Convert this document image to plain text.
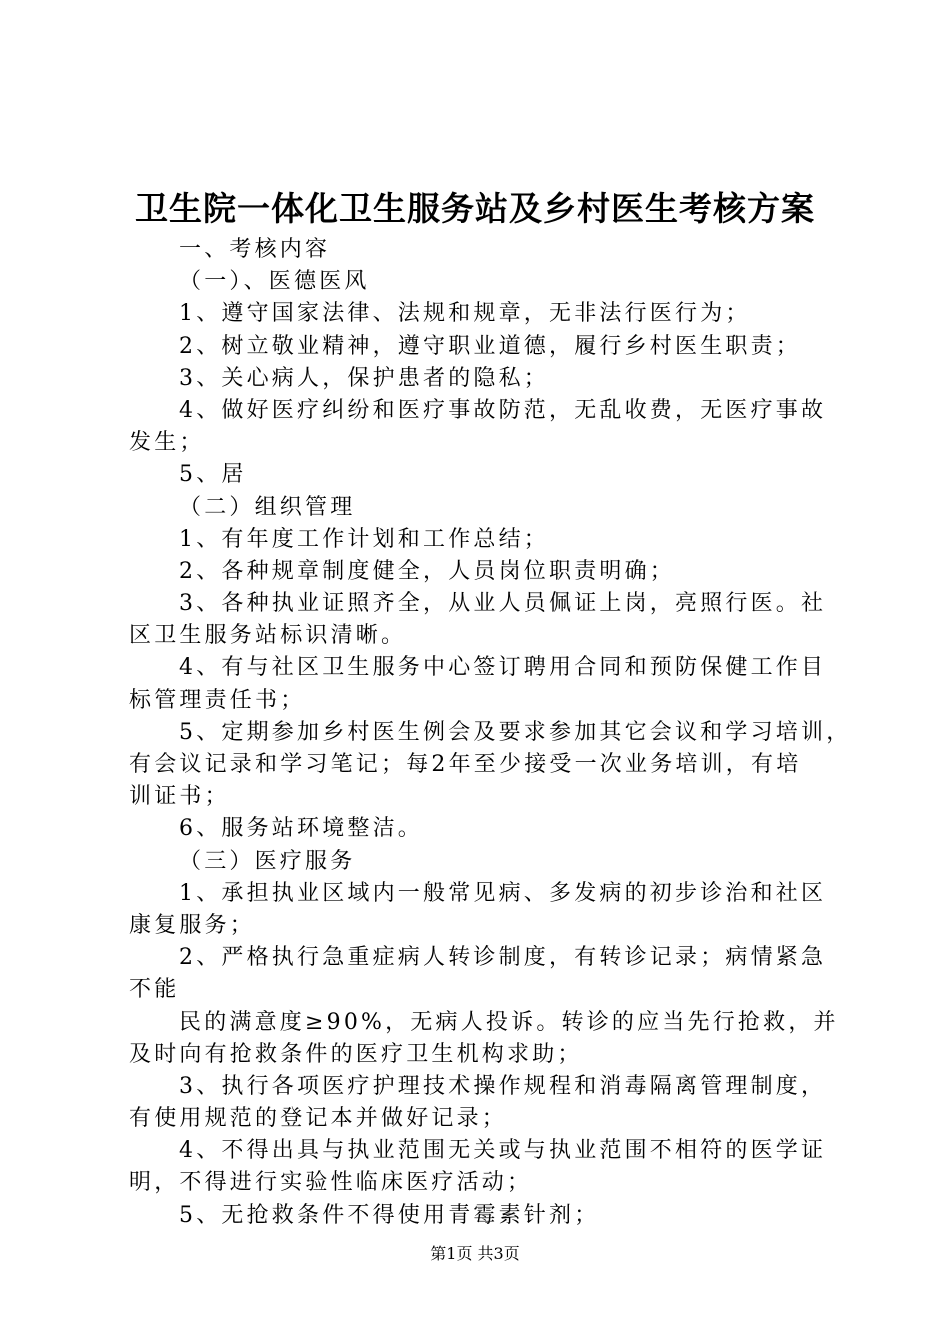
卫生院一体化卫生服务站及乡村医生考核方案
一、考核内容
（一）、医德医风
1、遵守国家法律、法规和规章，无非法行医行为；
2、树立敬业精神，遵守职业道德，履行乡村医生职责；
3、关心病人，保护患者的隐私；
4、做好医疗纠纷和医疗事故防范，无乱收费，无医疗事故
发生；
5、居
（二）组织管理
1、有年度工作计划和工作总结；
2、各种规章制度健全，人员岗位职责明确；
3、各种执业证照齐全，从业人员佩证上岗，亮照行医。社
区卫生服务站标识清晰。
4、有与社区卫生服务中心签订聘用合同和预防保健工作目
标管理责任书；
5、定期参加乡村医生例会及要求参加其它会议和学习培训，
有会议记录和学习笔记；每2年至少接受一次业务培训，有培
训证书；
6、服务站环境整洁。
（三）医疗服务
1、承担执业区域内一般常见病、多发病的初步诊治和社区
康复服务；
2、严格执行急重症病人转诊制度，有转诊记录；病情紧急
不能
民的满意度≥90%，无病人投诉。转诊的应当先行抢救，并
及时向有抢救条件的医疗卫生机构求助；
3、执行各项医疗护理技术操作规程和消毒隔离管理制度，
有使用规范的登记本并做好记录；
4、不得出具与执业范围无关或与执业范围不相符的医学证
明，不得进行实验性临床医疗活动；
5、无抢救条件不得使用青霉素针剂；
第1页 共3页
